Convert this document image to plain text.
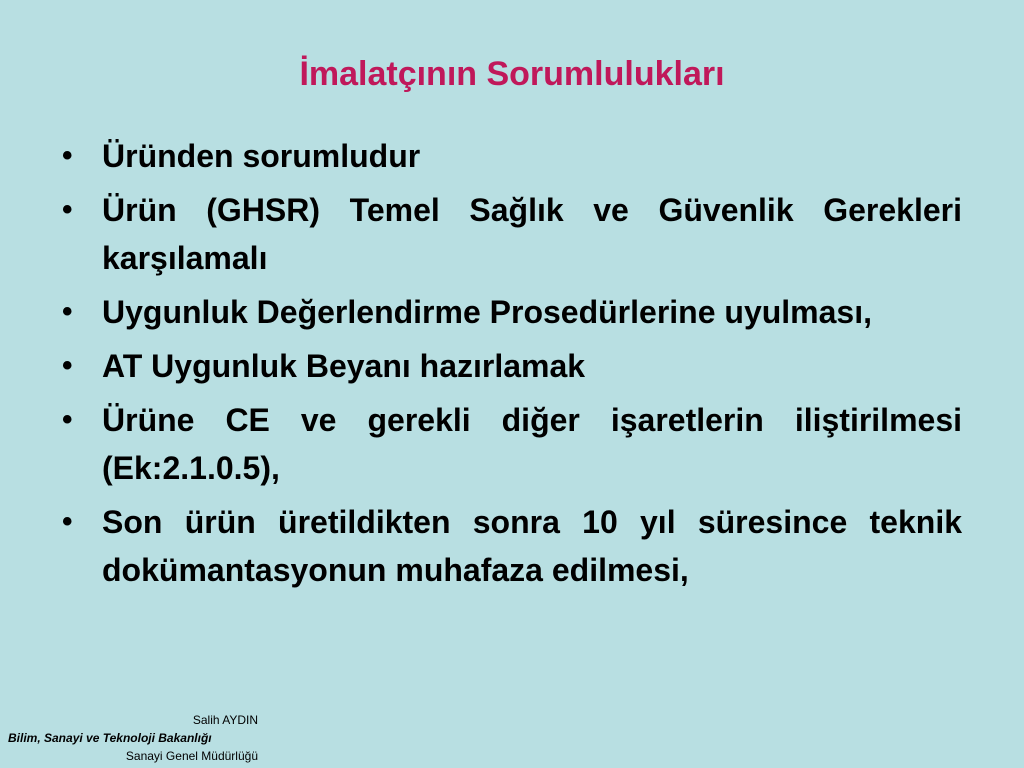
İmalatçının Sorumlulukları
• Üründen sorumludur
• Ürün (GHSR) Temel Sağlık ve Güvenlik Gerekleri karşılamalı
• Uygunluk Değerlendirme Prosedürlerine uyulması,
• AT Uygunluk Beyanı hazırlamak
• Ürüne CE ve gerekli diğer işaretlerin iliştirilmesi (Ek:2.1.0.5),
• Son ürün üretildikten sonra 10 yıl süresince teknik dokümantasyonun muhafaza edilmesi,
Salih AYDIN
Bilim, Sanayi ve Teknoloji Bakanlığı
Sanayi Genel Müdürlüğü
